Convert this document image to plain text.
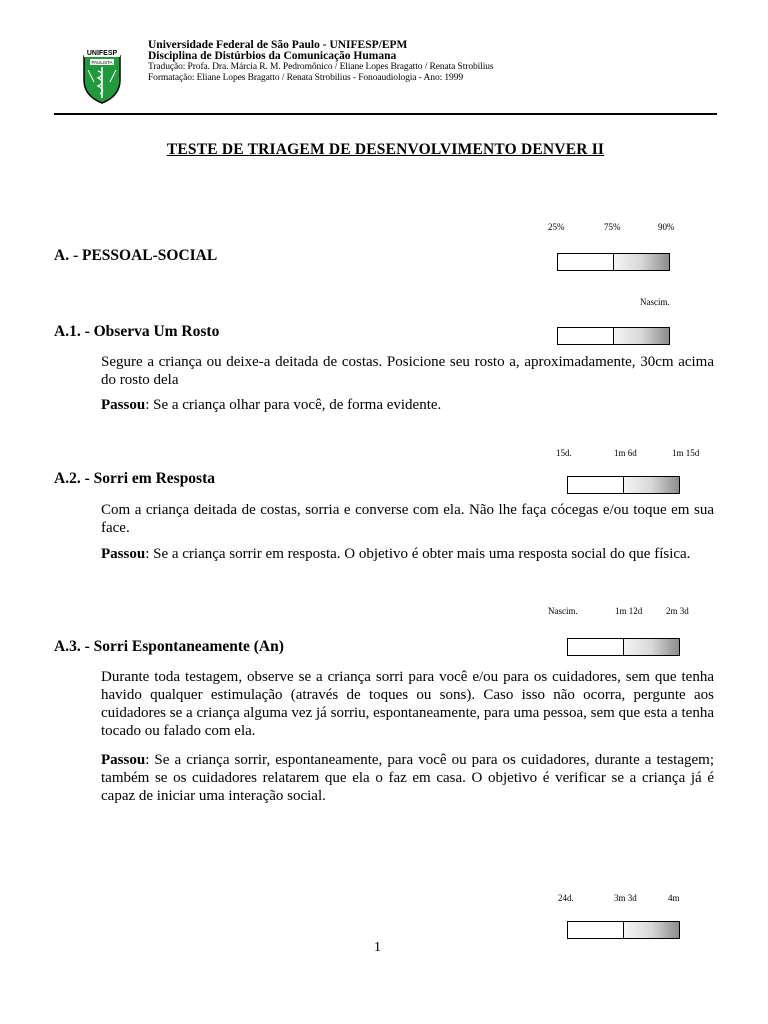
UNIFESP
PAULISTA
Universidade Federal de São Paulo - UNIFESP/EPM
Disciplina de Distúrbios da Comunicação Humana
Tradução: Profa. Dra. Márcia R. M. Pedromônico / Eliane Lopes Bragatto / Renata Strobilius
Formatação: Eliane Lopes Bragatto / Renata Strobilius - Fonoaudiologia - Ano: 1999
TESTE DE TRIAGEM DE DESENVOLVIMENTO DENVER II
25%	75%	90%
A. - PESSOAL-SOCIAL
Nascim.
A.1. - Observa Um Rosto
Segure a criança ou deixe-a deitada de costas. Posicione seu rosto a, aproximadamente, 30cm acima do rosto dela
Passou: Se a criança olhar para você, de forma evidente.
15d.	1m 6d	1m 15d
A.2. - Sorri em Resposta
Com a criança deitada de costas, sorria e converse com ela. Não lhe faça cócegas e/ou toque em sua face.
Passou: Se a criança sorrir em resposta. O objetivo é obter mais uma resposta social do que física.
Nascim.	1m 12d	2m 3d
A.3. - Sorri Espontaneamente (An)
Durante toda testagem, observe se a criança sorri para você e/ou para os cuidadores, sem que tenha havido qualquer estimulação (através de toques ou sons). Caso isso não ocorra, pergunte aos cuidadores se a criança alguma vez já sorriu, espontaneamente, para uma pessoa, sem que esta a tenha tocado ou falado com ela.
Passou: Se a criança sorrir, espontaneamente, para você ou para os cuidadores, durante a testagem; também se os cuidadores relatarem que ela o faz em casa. O objetivo é verificar se a criança já é capaz de iniciar uma interação social.
24d.	3m 3d	4m
1
